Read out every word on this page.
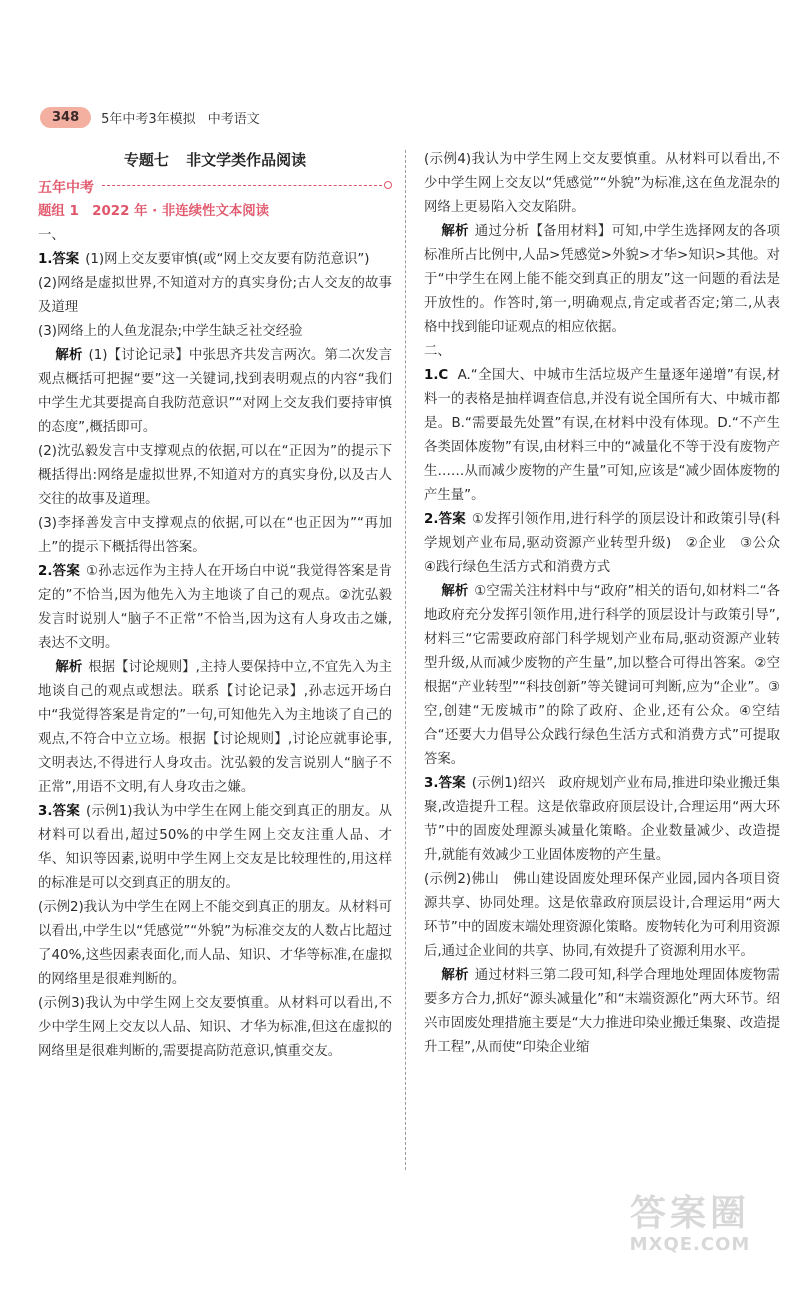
348	5年中考3年模拟 中考语文
专题七 非文学类作品阅读
五年中考
题组 1　2022 年 · 非连续性文本阅读
一、

1.答案 (1)网上交友要审慎(或“网上交友要有防范意识”)

(2)网络是虚拟世界,不知道对方的真实身份;古人交友的故事及道理

(3)网络上的人鱼龙混杂;中学生缺乏社交经验

解析 (1)【讨论记录】中张思齐共发言两次。第二次发言观点概括可把握“要”这一关键词,找到表明观点的内容“我们中学生尤其要提高自我防范意识”“对网上交友我们要持审慎的态度”,概括即可。

(2)沈弘毅发言中支撑观点的依据,可以在“正因为”的提示下概括得出:网络是虚拟世界,不知道对方的真实身份,以及古人交往的故事及道理。

(3)李择善发言中支撑观点的依据,可以在“也正因为”“再加上”的提示下概括得出答案。

2.答案 ①孙志远作为主持人在开场白中说“我觉得答案是肯定的”不恰当,因为他先入为主地谈了自己的观点。②沈弘毅发言时说别人“脑子不正常”不恰当,因为这有人身攻击之嫌,表达不文明。

解析 根据【讨论规则】,主持人要保持中立,不宜先入为主地谈自己的观点或想法。联系【讨论记录】,孙志远开场白中“我觉得答案是肯定的”一句,可知他先入为主地谈了自己的观点,不符合中立立场。根据【讨论规则】,讨论应就事论事,文明表达,不得进行人身攻击。沈弘毅的发言说别人“脑子不正常”,用语不文明,有人身攻击之嫌。

3.答案 (示例1)我认为中学生在网上能交到真正的朋友。从材料可以看出,超过50%的中学生网上交友注重人品、才华、知识等因素,说明中学生网上交友是比较理性的,用这样的标准是可以交到真正的朋友的。

(示例2)我认为中学生在网上不能交到真正的朋友。从材料可以看出,中学生以“凭感觉”“外貌”为标准交友的人数占比超过了40%,这些因素表面化,而人品、知识、才华等标准,在虚拟的网络里是很难判断的。

(示例3)我认为中学生网上交友要慎重。从材料可以看出,不少中学生网上交友以人品、知识、才华为标准,但这在虚拟的网络里是很难判断的,需要提高防范意识,慎重交友。

(示例4)我认为中学生网上交友要慎重。从材料可以看出,不少中学生网上交友以“凭感觉”“外貌”为标准,这在鱼龙混杂的网络上更易陷入交友陷阱。

解析 通过分析【备用材料】可知,中学生选择网友的各项标准所占比例中,人品>凭感觉>外貌>才华>知识>其他。对于“中学生在网上能不能交到真正的朋友”这一问题的看法是开放性的。作答时,第一,明确观点,肯定或者否定;第二,从表格中找到能印证观点的相应依据。

二、

1.C A.“全国大、中城市生活垃圾产生量逐年递增”有误,材料一的表格是抽样调查信息,并没有说全国所有大、中城市都是。B.“需要最先处置”有误,在材料中没有体现。D.“不产生各类固体废物”有误,由材料三中的“减量化不等于没有废物产生……从而减少废物的产生量”可知,应该是“减少固体废物的产生量”。

2.答案 ①发挥引领作用,进行科学的顶层设计和政策引导(科学规划产业布局,驱动资源产业转型升级)　②企业　③公众　④践行绿色生活方式和消费方式

解析 ①空需关注材料中与“政府”相关的语句,如材料二“各地政府充分发挥引领作用,进行科学的顶层设计与政策引导”,材料三“它需要政府部门科学规划产业布局,驱动资源产业转型升级,从而减少废物的产生量”,加以整合可得出答案。②空根据“产业转型”“科技创新”等关键词可判断,应为“企业”。③空,创建“无废城市”的除了政府、企业,还有公众。④空结合“还要大力倡导公众践行绿色生活方式和消费方式”可提取答案。

3.答案 (示例1)绍兴　政府规划产业布局,推进印染业搬迁集聚,改造提升工程。这是依靠政府顶层设计,合理运用“两大环节”中的固废处理源头减量化策略。企业数量减少、改造提升,就能有效减少工业固体废物的产生量。

(示例2)佛山　佛山建设固废处理环保产业园,园内各项目资源共享、协同处理。这是依靠政府顶层设计,合理运用“两大环节”中的固废末端处理资源化策略。废物转化为可利用资源后,通过企业间的共享、协同,有效提升了资源利用水平。

解析 通过材料三第二段可知,科学合理地处理固体废物需要多方合力,抓好“源头减量化”和“末端资源化”两大环节。绍兴市固废处理措施主要是“大力推进印染业搬迁集聚、改造提升工程”,从而使“印染企业缩

答案圈
MXQE.COM
